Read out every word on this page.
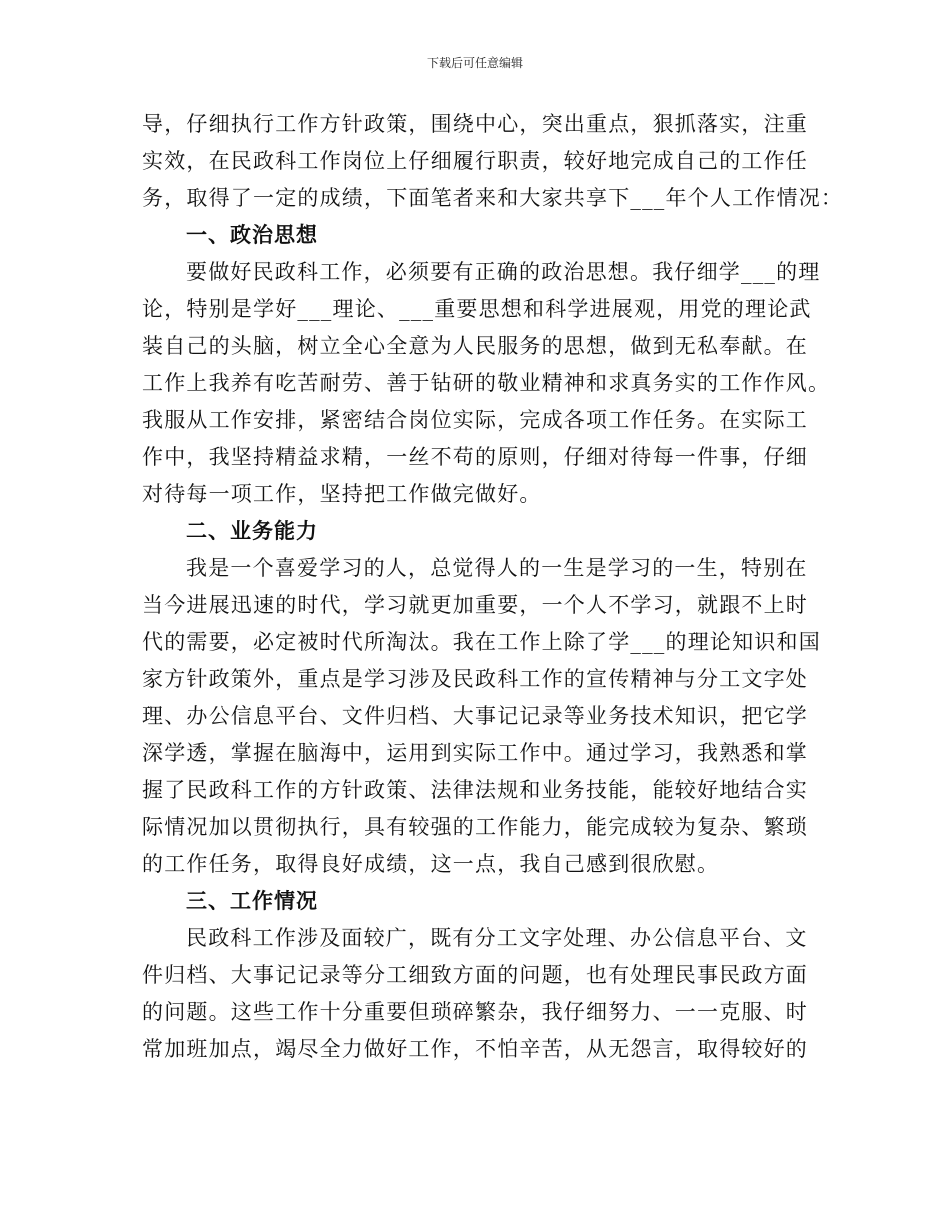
下载后可任意编辑
导，仔细执行工作方针政策，围绕中心，突出重点，狠抓落实，注重
实效，在民政科工作岗位上仔细履行职责，较好地完成自己的工作任
务，取得了一定的成绩，下面笔者来和大家共享下___年个人工作情况：
一、政治思想
要做好民政科工作，必须要有正确的政治思想。我仔细学___的理
论，特别是学好___理论、___重要思想和科学进展观，用党的理论武
装自己的头脑，树立全心全意为人民服务的思想，做到无私奉献。在
工作上我养有吃苦耐劳、善于钻研的敬业精神和求真务实的工作作风。
我服从工作安排，紧密结合岗位实际，完成各项工作任务。在实际工
作中，我坚持精益求精，一丝不苟的原则，仔细对待每一件事，仔细
对待每一项工作，坚持把工作做完做好。
二、业务能力
我是一个喜爱学习的人，总觉得人的一生是学习的一生，特别在
当今进展迅速的时代，学习就更加重要，一个人不学习，就跟不上时
代的需要，必定被时代所淘汰。我在工作上除了学___的理论知识和国
家方针政策外，重点是学习涉及民政科工作的宣传精神与分工文字处
理、办公信息平台、文件归档、大事记记录等业务技术知识，把它学
深学透，掌握在脑海中，运用到实际工作中。通过学习，我熟悉和掌
握了民政科工作的方针政策、法律法规和业务技能，能较好地结合实
际情况加以贯彻执行，具有较强的工作能力，能完成较为复杂、繁琐
的工作任务，取得良好成绩，这一点，我自己感到很欣慰。
三、工作情况
民政科工作涉及面较广，既有分工文字处理、办公信息平台、文
件归档、大事记记录等分工细致方面的问题，也有处理民事民政方面
的问题。这些工作十分重要但琐碎繁杂，我仔细努力、一一克服、时
常加班加点，竭尽全力做好工作，不怕辛苦，从无怨言，取得较好的
